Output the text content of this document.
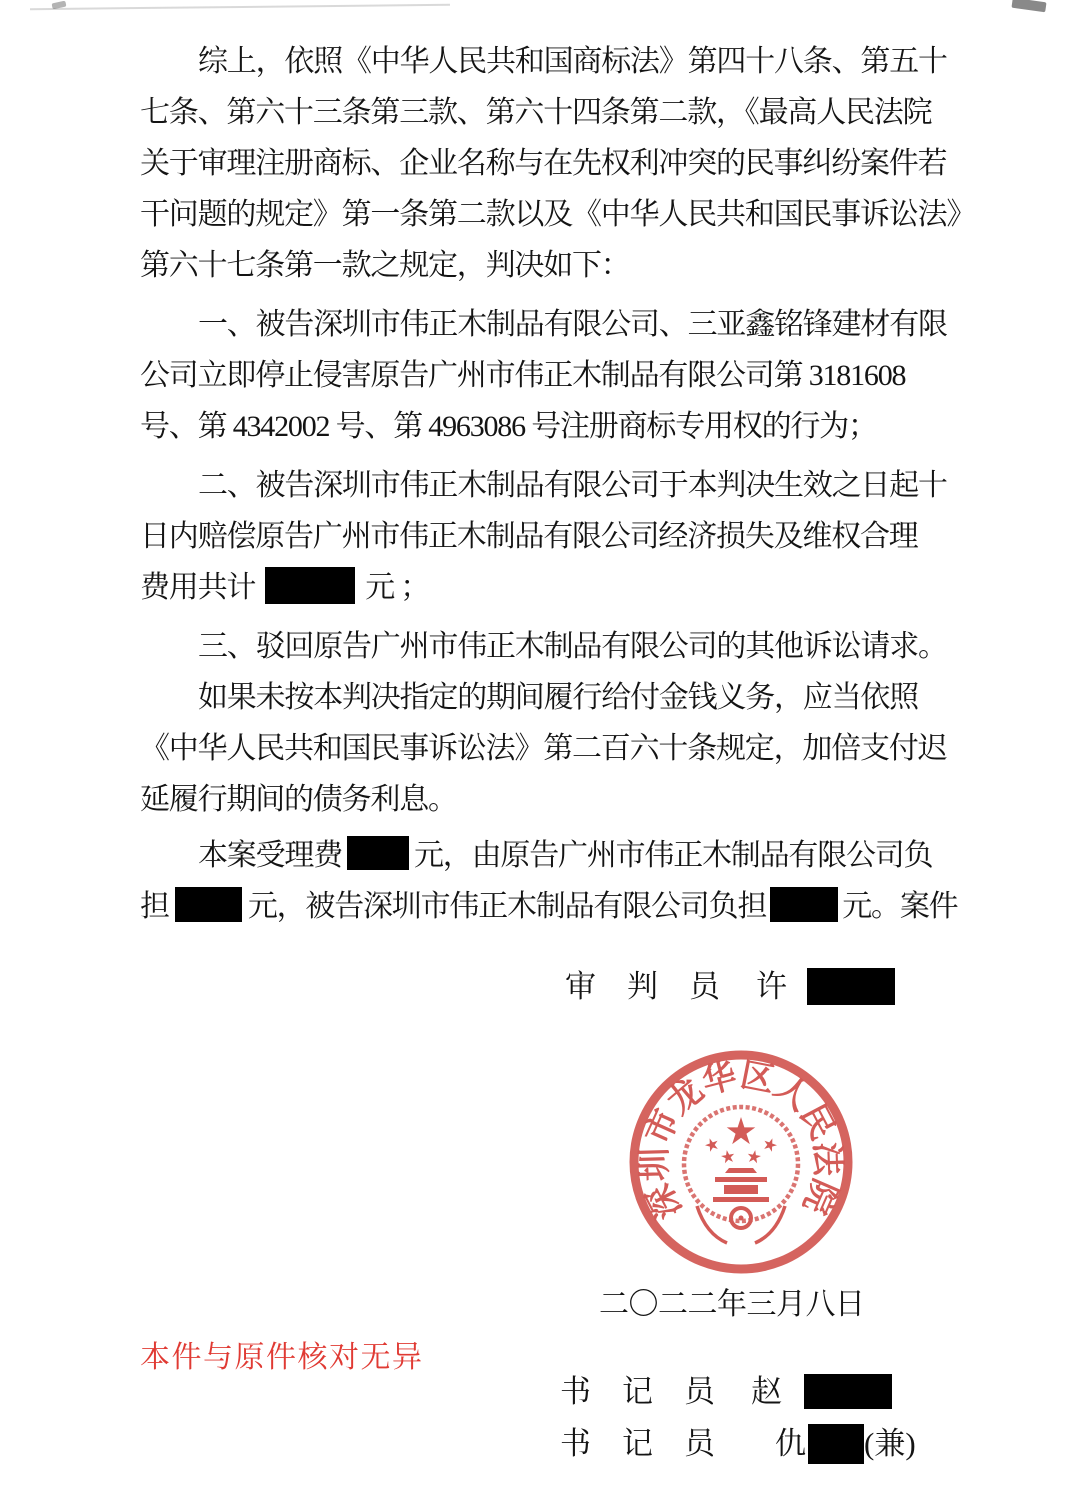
综上，依照《中华人民共和国商标法》第四十八条、第五十
七条、第六十三条第三款、第六十四条第二款，《最高人民法院
关于审理注册商标、企业名称与在先权利冲突的民事纠纷案件若
干问题的规定》第一条第二款以及《中华人民共和国民事诉讼法》
第六十七条第一款之规定，判决如下：
一、被告深圳市伟正木制品有限公司、三亚鑫铭锋建材有限
公司立即停止侵害原告广州市伟正木制品有限公司第 3181608
号、第 4342002 号、第 4963086 号注册商标专用权的行为；
二、被告深圳市伟正木制品有限公司于本判决生效之日起十
日内赔偿原告广州市伟正木制品有限公司经济损失及维权合理
费用共计	元 ；
三、驳回原告广州市伟正木制品有限公司的其他诉讼请求。
如果未按本判决指定的期间履行给付金钱义务，应当依照
《中华人民共和国民事诉讼法》第二百六十条规定，加倍支付迟
延履行期间的债务利息。
本案受理费 元，由原告广州市伟正木制品有限公司负
担	元，被告深圳市伟正木制品有限公司负担	元。案件
审　判　员 许
深圳市龙华区人民法院
二〇二二年三月八日
本件与原件核对无异
书　记　员 赵
书　记　员 仇 (兼)
